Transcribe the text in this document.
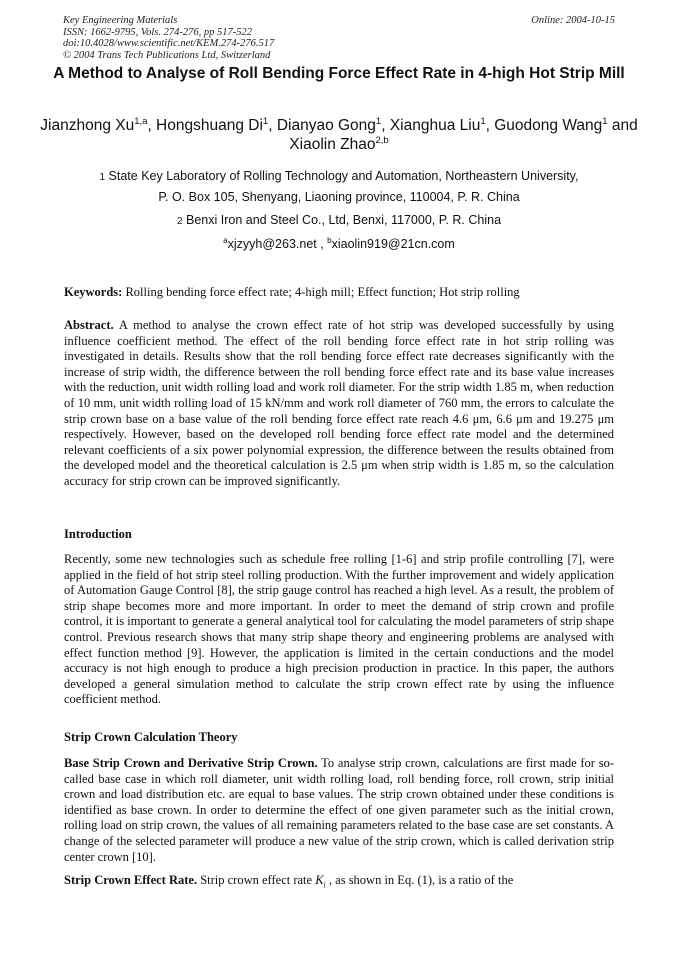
Key Engineering Materials
ISSN: 1662-9795, Vols. 274-276, pp 517-522
doi:10.4028/www.scientific.net/KEM.274-276.517
© 2004 Trans Tech Publications Ltd, Switzerland
Online: 2004-10-15
A Method to Analyse of Roll Bending Force Effect Rate in 4-high Hot Strip Mill
Jianzhong Xu$^{1,a}$, Hongshuang Di$^1$, Dianyao Gong$^1$, Xianghua Liu$^1$, Guodong Wang$^1$ and Xiaolin Zhao$^{2,b}$
1 State Key Laboratory of Rolling Technology and Automation, Northeastern University,
P. O. Box 105, Shenyang, Liaoning province, 110004, P. R. China
2 Benxi Iron and Steel Co., Ltd, Benxi, 117000, P. R. China
$^a$xjzyyh@263.net , $^b$xiaolin919@21cn.com
Keywords: Rolling bending force effect rate; 4-high mill; Effect function; Hot strip rolling
Abstract. A method to analyse the crown effect rate of hot strip was developed successfully by using influence coefficient method. The effect of the roll bending force effect rate in hot strip rolling was investigated in details. Results show that the roll bending force effect rate decreases significantly with the increase of strip width, the difference between the roll bending force effect rate and its base value increases with the reduction, unit width rolling load and work roll diameter. For the strip width 1.85 m, when reduction of 10 mm, unit width rolling load of 15 kN/mm and work roll diameter of 760 mm, the errors to calculate the strip crown base on a base value of the roll bending force effect rate reach 4.6 μm, 6.6 μm and 19.275 μm respectively. However, based on the developed roll bending force effect rate model and the determined relevant coefficients of a six power polynomial expression, the difference between the results obtained from the developed model and the theoretical calculation is 2.5 μm when strip width is 1.85 m, so the calculation accuracy for strip crown can be improved significantly.
Introduction
Recently, some new technologies such as schedule free rolling [1-6] and strip profile controlling [7], were applied in the field of hot strip steel rolling production. With the further improvement and widely application of Automation Gauge Control [8], the strip gauge control has reached a high level. As a result, the problem of strip shape becomes more and more important. In order to meet the demand of strip crown and profile control, it is important to generate a general analytical tool for calculating the model parameters of strip shape control. Previous research shows that many strip shape theory and engineering problems are analysed with effect function method [9]. However, the application is limited in the certain conductions and the model accuracy is not high enough to produce a high precision production in practice. In this paper, the authors developed a general simulation method to calculate the strip crown effect rate by using the influence coefficient method.
Strip Crown Calculation Theory
Base Strip Crown and Derivative Strip Crown. To analyse strip crown, calculations are first made for so-called base case in which roll diameter, unit width rolling load, roll bending force, roll crown, strip initial crown and load distribution etc. are equal to base values. The strip crown obtained under these conditions is identified as base crown. In order to determine the effect of one given parameter such as the initial crown, rolling load on strip crown, the values of all remaining parameters related to the base case are set constants. A change of the selected parameter will produce a new value of the strip crown, which is called derivation strip center crown [10].
Strip Crown Effect Rate. Strip crown effect rate $K_i$ , as shown in Eq. (1), is a ratio of the
